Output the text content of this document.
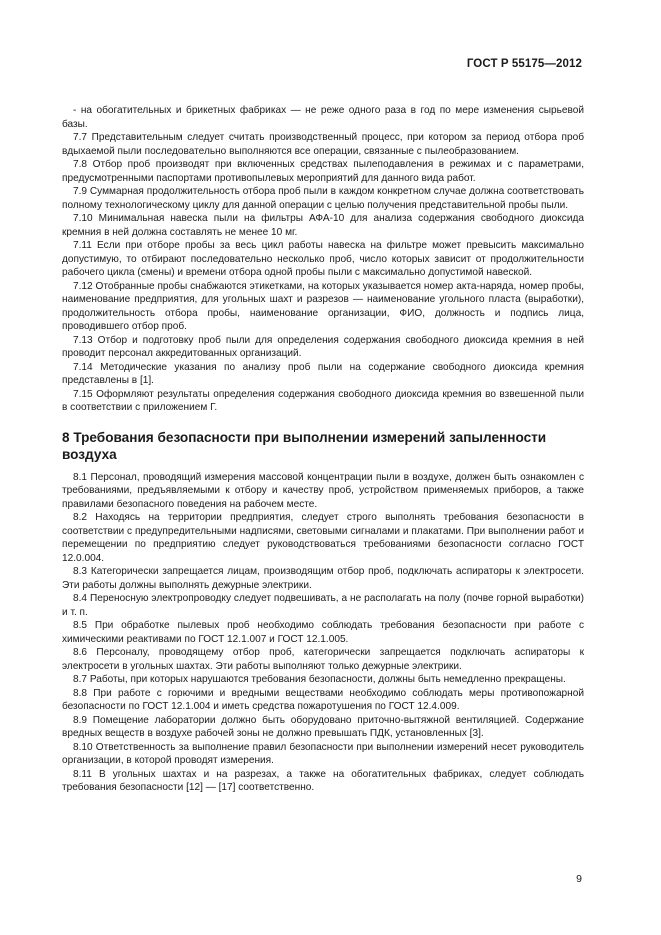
ГОСТ Р 55175—2012

- на обогатительных и брикетных фабриках — не реже одного раза в год по мере изменения сырьевой базы.

7.7 Представительным следует считать производственный процесс, при котором за период отбора проб вдыхаемой пыли последовательно выполняются все операции, связанные с пылеобразованием.

7.8 Отбор проб производят при включенных средствах пылеподавления в режимах и с параметрами, предусмотренными паспортами противопылевых мероприятий для данного вида работ.

7.9 Суммарная продолжительность отбора проб пыли в каждом конкретном случае должна соответствовать полному технологическому циклу для данной операции с целью получения представительной пробы пыли.

7.10 Минимальная навеска пыли на фильтры АФА-10 для анализа содержания свободного диоксида кремния в ней должна составлять не менее 10 мг.

7.11 Если при отборе пробы за весь цикл работы навеска на фильтре может превысить максимально допустимую, то отбирают последовательно несколько проб, число которых зависит от продолжительности рабочего цикла (смены) и времени отбора одной пробы пыли с максимально допустимой навеской.

7.12 Отобранные пробы снабжаются этикетками, на которых указывается номер акта-наряда, номер пробы, наименование предприятия, для угольных шахт и разрезов — наименование угольного пласта (выработки), продолжительность отбора пробы, наименование организации, ФИО, должность и подпись лица, проводившего отбор проб.

7.13 Отбор и подготовку проб пыли для определения содержания свободного диоксида кремния в ней проводит персонал аккредитованных организаций.

7.14 Методические указания по анализу проб пыли на содержание свободного диоксида кремния представлены в [1].

7.15 Оформляют результаты определения содержания свободного диоксида кремния во взвешенной пыли в соответствии с приложением Г.

8 Требования безопасности при выполнении измерений запыленности воздуха

8.1 Персонал, проводящий измерения массовой концентрации пыли в воздухе, должен быть ознакомлен с требованиями, предъявляемыми к отбору и качеству проб, устройством применяемых приборов, а также правилами безопасного поведения на рабочем месте.

8.2 Находясь на территории предприятия, следует строго выполнять требования безопасности в соответствии с предупредительными надписями, световыми сигналами и плакатами. При выполнении работ и перемещении по предприятию следует руководствоваться требованиями безопасности согласно ГОСТ 12.0.004.

8.3 Категорически запрещается лицам, производящим отбор проб, подключать аспираторы к электросети. Эти работы должны выполнять дежурные электрики.

8.4 Переносную электропроводку следует подвешивать, а не располагать на полу (почве горной выработки) и т. п.

8.5 При обработке пылевых проб необходимо соблюдать требования безопасности при работе с химическими реактивами по ГОСТ 12.1.007 и ГОСТ 12.1.005.

8.6 Персоналу, проводящему отбор проб, категорически запрещается подключать аспираторы к электросети в угольных шахтах. Эти работы выполняют только дежурные электрики.

8.7 Работы, при которых нарушаются требования безопасности, должны быть немедленно прекращены.

8.8 При работе с горючими и вредными веществами необходимо соблюдать меры противопожарной безопасности по ГОСТ 12.1.004 и иметь средства пожаротушения по ГОСТ 12.4.009.

8.9 Помещение лаборатории должно быть оборудовано приточно-вытяжной вентиляцией. Содержание вредных веществ в воздухе рабочей зоны не должно превышать ПДК, установленных [3].

8.10 Ответственность за выполнение правил безопасности при выполнении измерений несет руководитель организации, в которой проводят измерения.

8.11 В угольных шахтах и на разрезах, а также на обогатительных фабриках, следует соблюдать требования безопасности [12] — [17] соответственно.

9
